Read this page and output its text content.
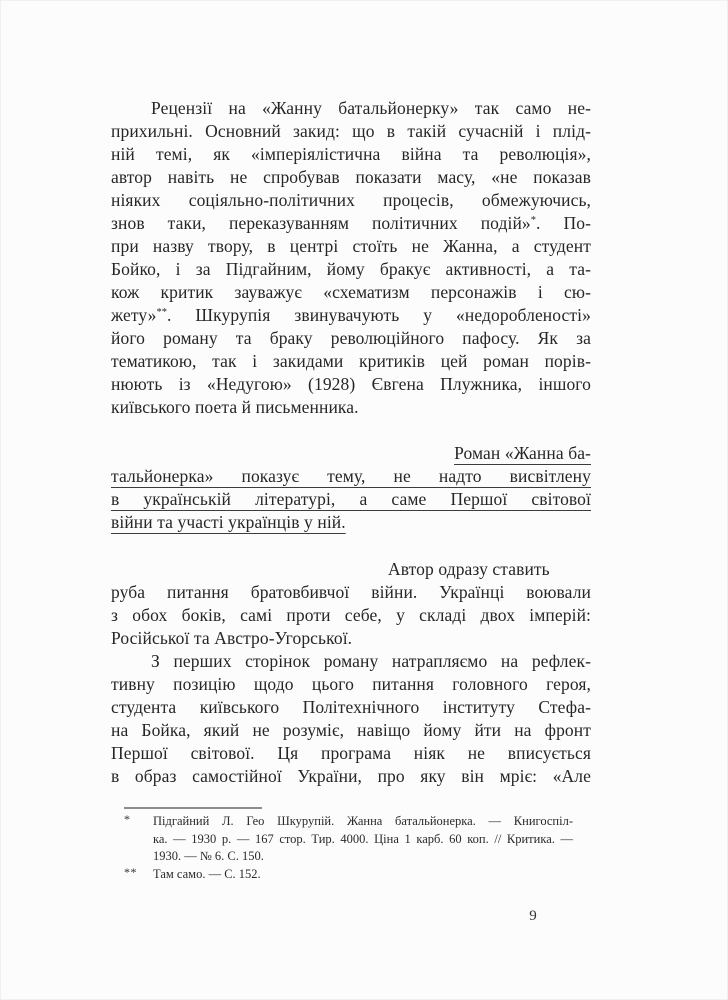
Рецензії на «Жанну батальйонерку» так само не-
прихильні. Основний закид: що в такій сучасній і плід-
ній темі, як «імперіялістична війна та революція»,
автор навіть не спробував показати масу, «не показав
ніяких соціяльно-політичних процесів, обмежуючись,
знов таки, переказуванням політичних подій»*. По-
при назву твору, в центрі стоїть не Жанна, а студент
Бойко, і за Підгайним, йому бракує активності, а та-
кож критик зауважує «схематизм персонажів і сю-
жету»**. Шкурупія звинувачують у «недоробленості»
його роману та браку революційного пафосу. Як за
тематикою, так і закидами критиків цей роман порів-
нюють із «Недугою» (1928) Євгена Плужника, іншого
київського поета й письменника.
Роман «Жанна ба-
тальйонерка» показує тему, не надто висвітлену
в українській літературі, а саме Першої світової
війни та участі українців у ній.
Автор одразу ставить
руба питання братовбивчої війни. Українці воювали
з обох боків, самі проти себе, у складі двох імперій:
Російської та Австро-Угорської.
З перших сторінок роману натрапляємо на рефлек-
тивну позицію щодо цього питання головного героя,
студента київського Політехнічного інституту Стефа-
на Бойка, який не розуміє, навіщо йому йти на фронт
Першої світової. Ця програма ніяк не вписується
в образ самостійної України, про яку він мріє: «Але
* Підгайний Л. Гео Шкурупій. Жанна батальйонерка. — Книгоспіл-
ка. — 1930 р. — 167 стор. Тир. 4000. Ціна 1 карб. 60 коп. // Критика. —
1930. — № 6. С. 150.
** Там само. — С. 152.
9
